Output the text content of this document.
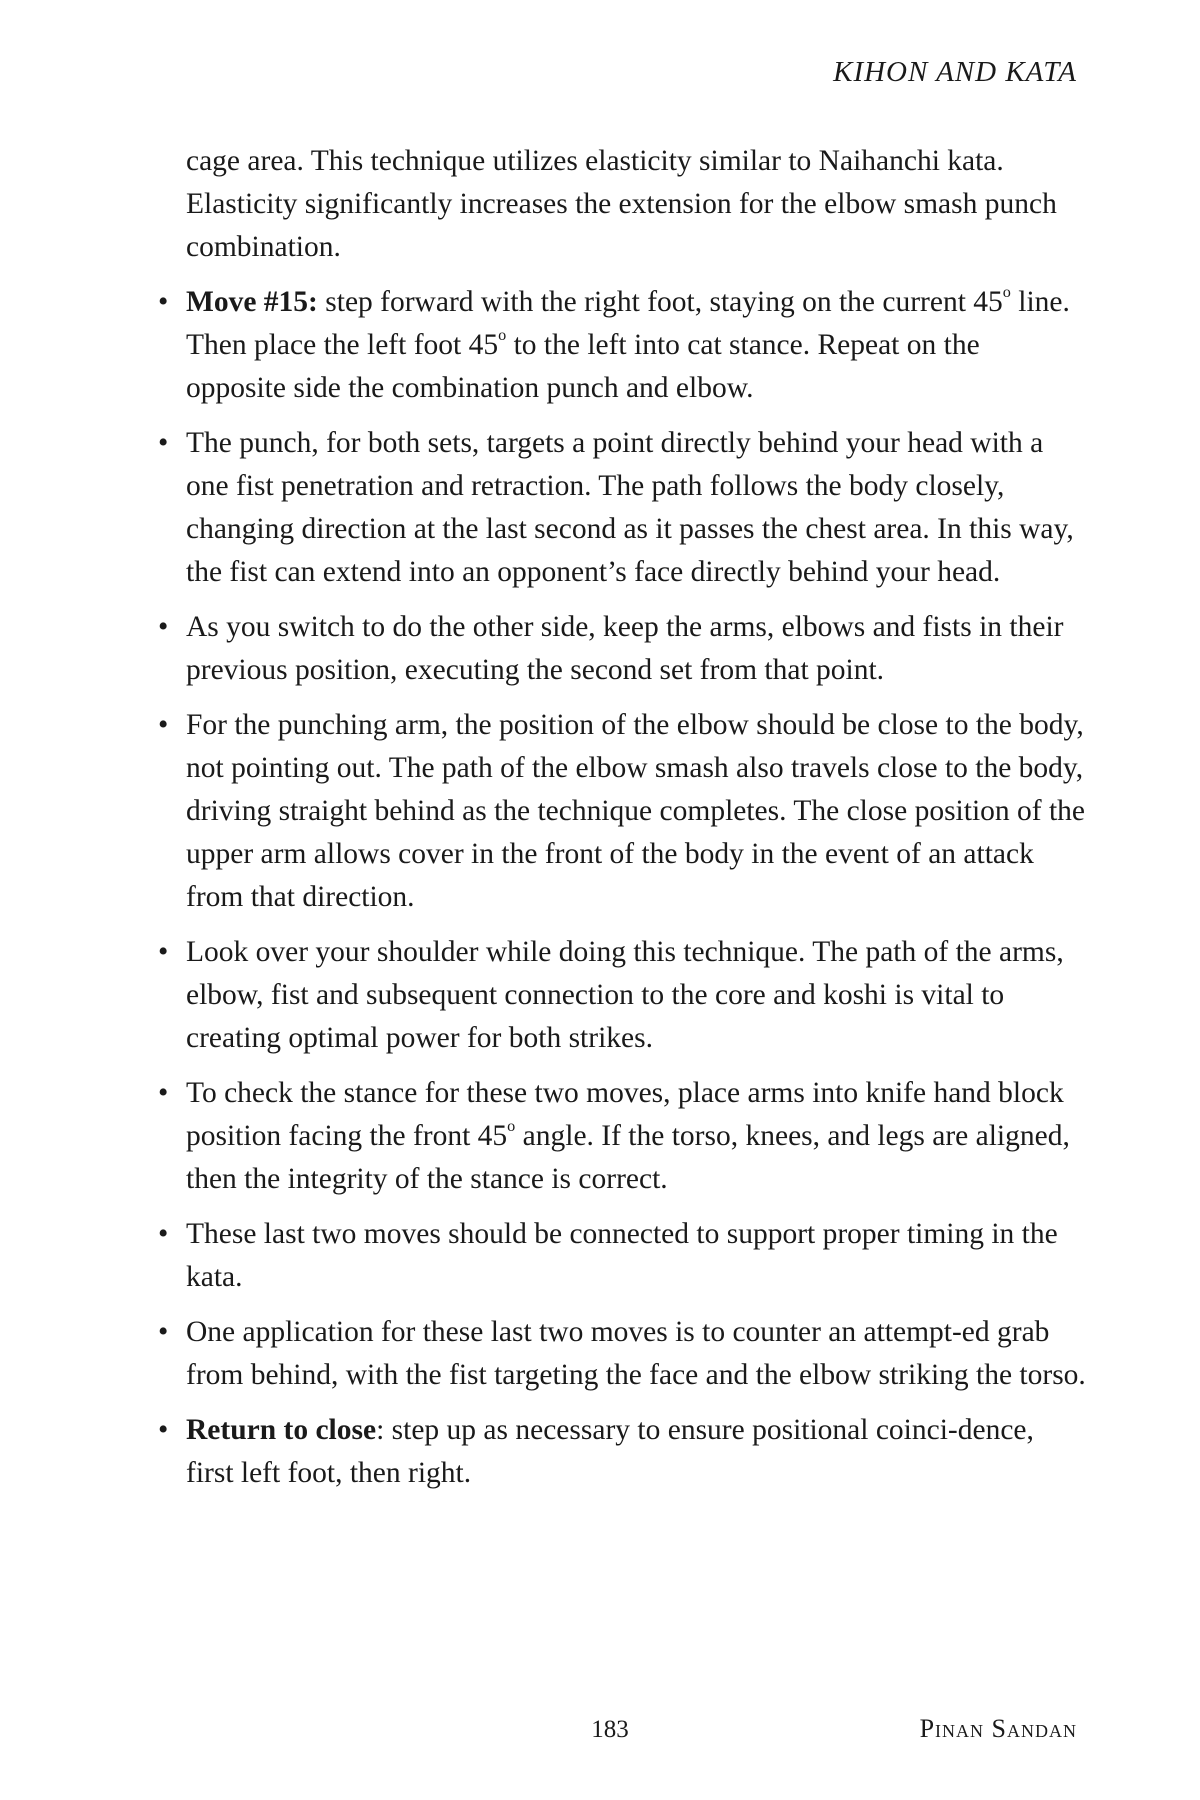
KIHON AND KATA

cage area. This technique utilizes elasticity similar to Naihanchi kata. Elasticity significantly increases the extension for the elbow smash punch combination.

• Move #15: step forward with the right foot, staying on the current 45$^o$ line. Then place the left foot 45$^o$ to the left into cat stance. Repeat on the opposite side the combination punch and elbow.
• The punch, for both sets, targets a point directly behind your head with a one fist penetration and retraction. The path follows the body closely, changing direction at the last second as it passes the chest area. In this way, the fist can extend into an opponent’s face directly behind your head.
• As you switch to do the other side, keep the arms, elbows and fists in their previous position, executing the second set from that point.
• For the punching arm, the position of the elbow should be close to the body, not pointing out. The path of the elbow smash also travels close to the body, driving straight behind as the technique completes. The close position of the upper arm allows cover in the front of the body in the event of an attack from that direction.
• Look over your shoulder while doing this technique. The path of the arms, elbow, fist and subsequent connection to the core and koshi is vital to creating optimal power for both strikes.
• To check the stance for these two moves, place arms into knife hand block position facing the front 45$^o$ angle. If the torso, knees, and legs are aligned, then the integrity of the stance is correct.
• These last two moves should be connected to support proper timing in the kata.
• One application for these last two moves is to counter an attempt-ed grab from behind, with the fist targeting the face and the elbow striking the torso.
• Return to close: step up as necessary to ensure positional coinci-dence, first left foot, then right.
183	Pinan Sandan
